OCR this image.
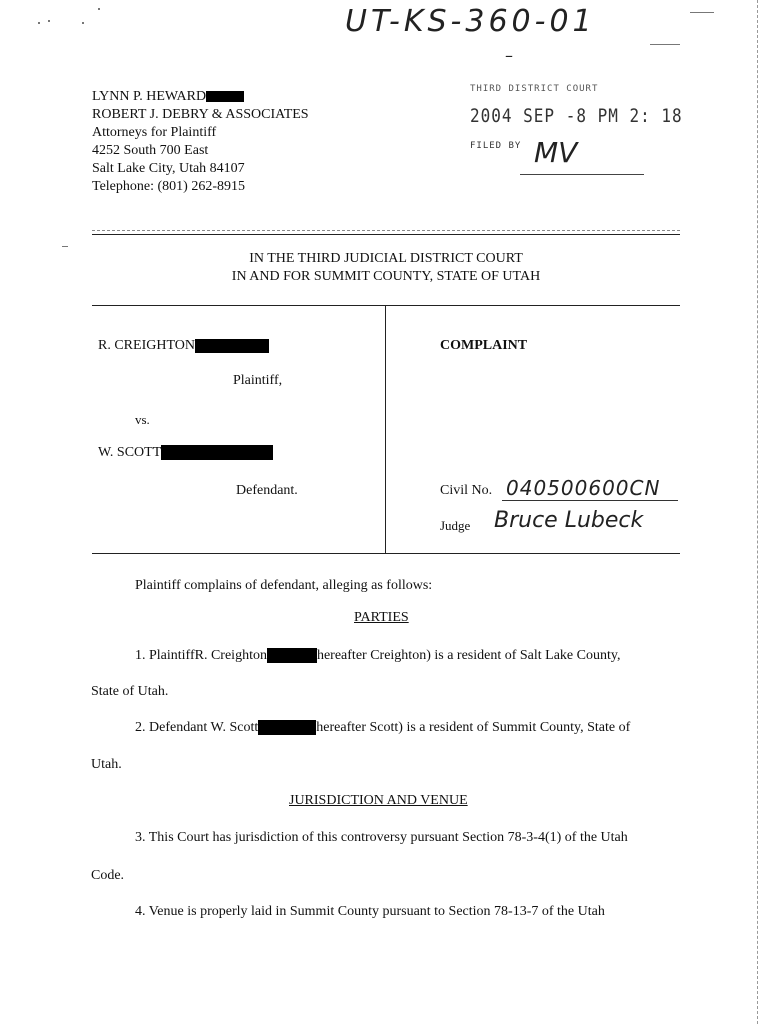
UT-KS-360-01
–
LYNN P. HEWARD
ROBERT J. DEBRY & ASSOCIATES
Attorneys for Plaintiff
4252 South 700 East
Salt Lake City, Utah 84107
Telephone: (801) 262-8915
THIRD DISTRICT COURT
2004 SEP -8 PM 2: 18
FILED BY MV
IN THE THIRD JUDICIAL DISTRICT COURT
IN AND FOR SUMMIT COUNTY, STATE OF UTAH
R. CREIGHTON
Plaintiff,
vs.
W. SCOTT
Defendant.
COMPLAINT
Civil No. 040500600CN
Judge Bruce Lubeck
Plaintiff complains of defendant, alleging as follows:
PARTIES
1. PlaintiffR. Creighton	hereafter Creighton) is a resident of Salt Lake County,
State of Utah.
2. Defendant W. Scott	hereafter Scott) is a resident of Summit County, State of
Utah.
JURISDICTION AND VENUE
3. This Court has jurisdiction of this controversy pursuant Section 78-3-4(1) of the Utah
Code.
4. Venue is properly laid in Summit County pursuant to Section 78-13-7 of the Utah
